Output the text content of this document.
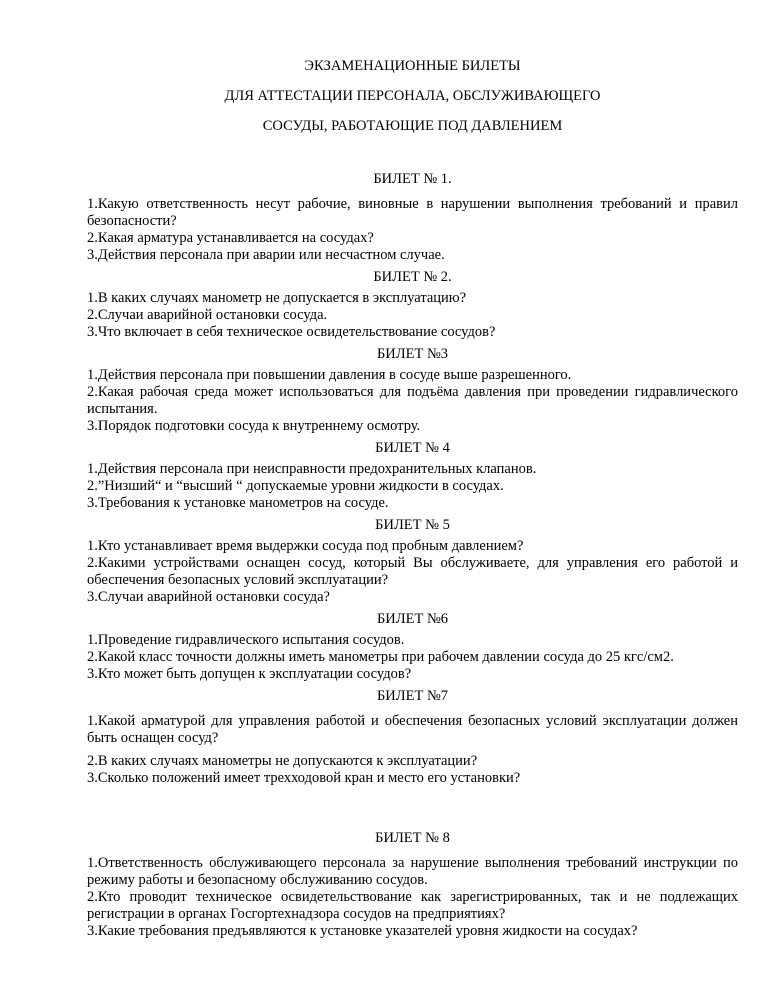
ЭКЗАМЕНАЦИОННЫЕ БИЛЕТЫ
ДЛЯ АТТЕСТАЦИИ ПЕРСОНАЛА, ОБСЛУЖИВАЮЩЕГО
СОСУДЫ, РАБОТАЮЩИЕ ПОД ДАВЛЕНИЕМ
БИЛЕТ № 1.

1.Какую ответственность несут рабочие, виновные в нарушении выполнения требований и правил безопасности?

2.Какая арматура устанавливается на сосудах?

3.Действия персонала при аварии или несчастном случае.

БИЛЕТ № 2.

1.В каких случаях манометр не допускается в эксплуатацию?

2.Случаи аварийной остановки сосуда.

3.Что включает в себя техническое освидетельствование сосудов?

БИЛЕТ №3

1.Действия персонала при повышении давления в сосуде выше разрешенного.

2.Какая рабочая среда может использоваться для подъёма давления при проведении гидравлического испытания.

3.Порядок подготовки сосуда к внутреннему осмотру.

БИЛЕТ № 4

1.Действия персонала при неисправности предохранительных клапанов.

2.”Низший“ и “высший “ допускаемые уровни жидкости в сосудах.

3.Требования к установке манометров на сосуде.

БИЛЕТ № 5

1.Кто устанавливает время выдержки сосуда под пробным давлением?

2.Какими устройствами оснащен сосуд, который Вы обслуживаете, для управления его работой и обеспечения безопасных условий эксплуатации?

3.Случаи аварийной остановки сосуда?

БИЛЕТ №6

1.Проведение гидравлического испытания сосудов.

2.Какой класс точности должны иметь манометры при рабочем давлении сосуда до 25 кгс/см2.

3.Кто может быть допущен к эксплуатации сосудов?

БИЛЕТ №7

1.Какой арматурой для управления работой и обеспечения безопасных условий эксплуатации должен быть оснащен сосуд?

2.В каких случаях манометры не допускаются к эксплуатации?

3.Сколько положений имеет трехходовой кран и место его установки?

БИЛЕТ № 8

1.Ответственность обслуживающего персонала за нарушение выполнения требований инструкции по режиму работы и безопасному обслуживанию сосудов.

2.Кто проводит техническое освидетельствование как зарегистрированных, так и не подлежащих регистрации в органах Госгортехнадзора сосудов на предприятиях?

3.Какие требования предъявляются к установке указателей уровня жидкости на сосудах?
